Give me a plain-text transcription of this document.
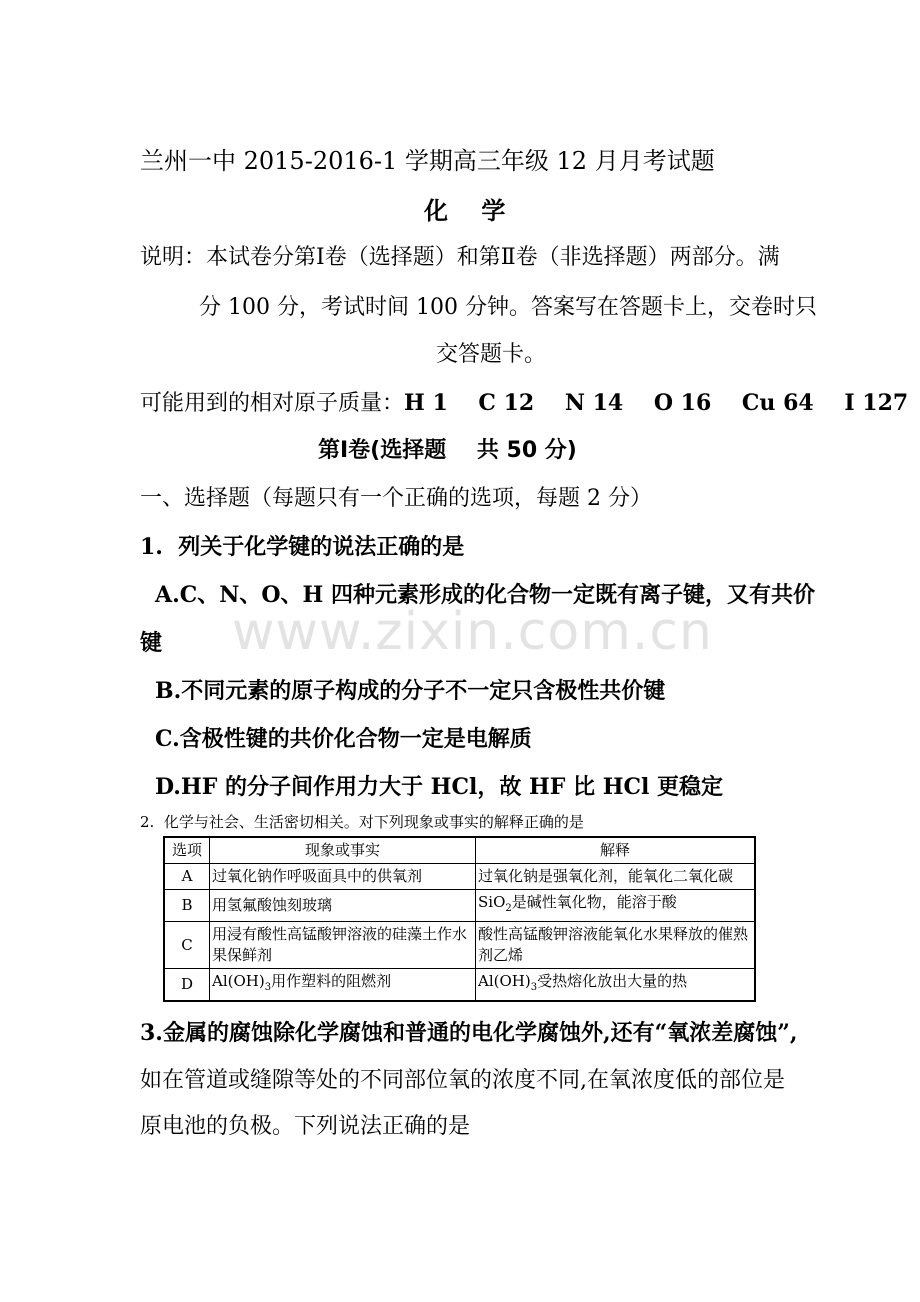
www.zixin.com.cn
兰州一中 2015-2016-1 学期高三年级 12 月月考试题
化    学
说明：本试卷分第Ⅰ卷（选择题）和第Ⅱ卷（非选择题）两部分。满
分 100 分，考试时间 100 分钟。答案写在答题卡上，交卷时只
交答题卡。
可能用到的相对原子质量：H 1    C 12    N 14    O 16    Cu 64    I 127
第Ⅰ卷(选择题    共 50 分)
一、选择题（每题只有一个正确的选项，每题 2 分）
1.  列关于化学键的说法正确的是
A.C、N、O、H 四种元素形成的化合物一定既有离子键，又有共价
键
B.不同元素的原子构成的分子不一定只含极性共价键
C.含极性键的共价化合物一定是电解质
D.HF 的分子间作用力大于 HCl，故 HF 比 HCl 更稳定
2.  化学与社会、生活密切相关。对下列现象或事实的解释正确的是
选项	现象或事实	解释
A	过氧化钠作呼吸面具中的供氧剂	过氧化钠是强氧化剂，能氧化二氧化碳
B	用氢氟酸蚀刻玻璃	SiO$_2$是碱性氧化物，能溶于酸
C	用浸有酸性高锰酸钾溶液的硅藻土作水果保鲜剂	酸性高锰酸钾溶液能氧化水果释放的催熟剂乙烯
D	$Al(OH)_3$用作塑料的阻燃剂	$Al(OH)_3$受热熔化放出大量的热
3.金属的腐蚀除化学腐蚀和普通的电化学腐蚀外,还有“氧浓差腐蚀”,
如在管道或缝隙等处的不同部位氧的浓度不同,在氧浓度低的部位是
原电池的负极。下列说法正确的是
